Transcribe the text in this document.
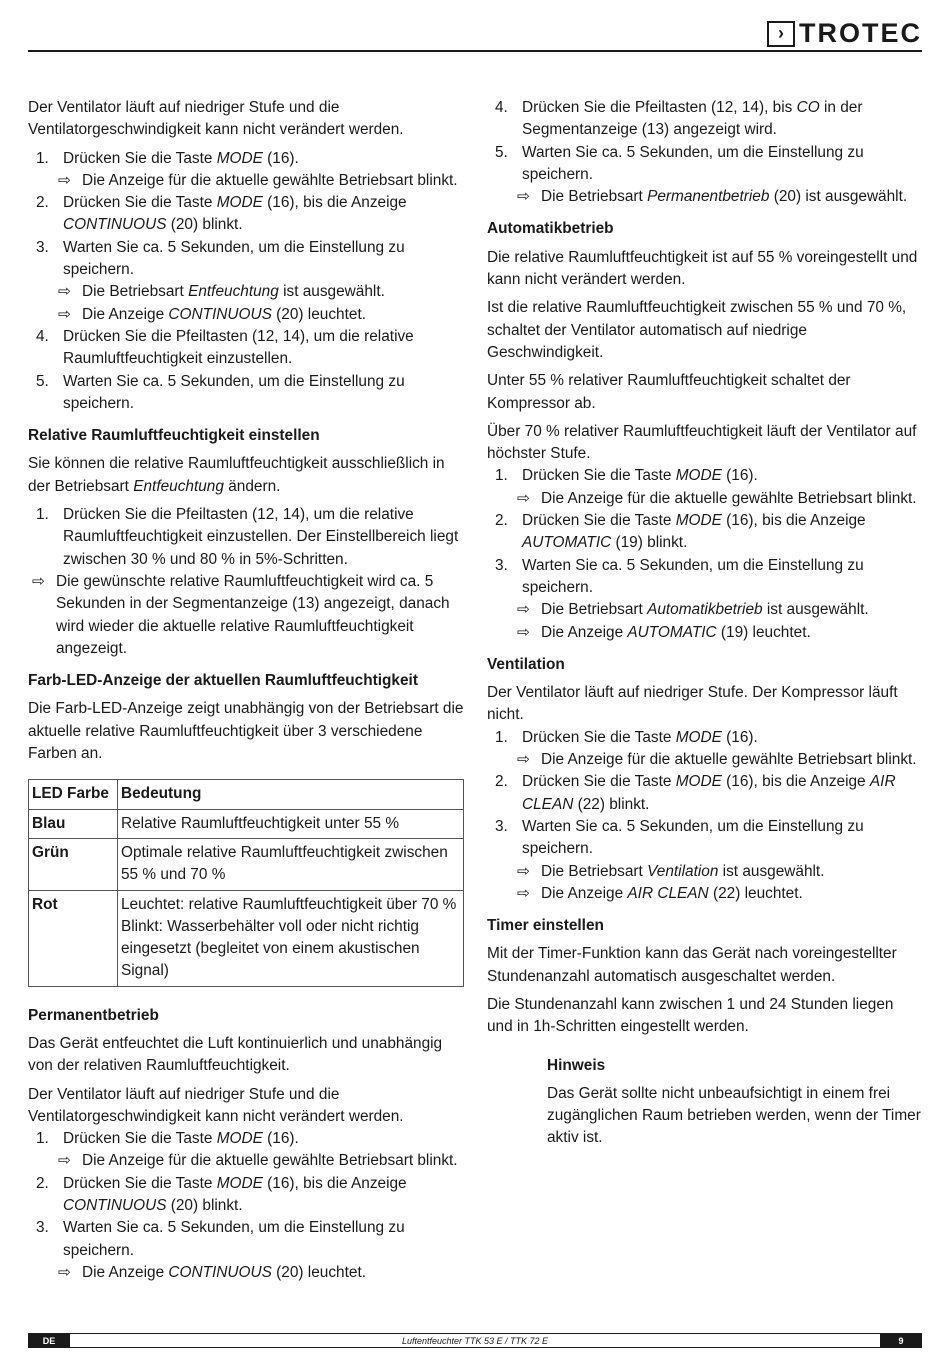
› TROTEC

Der Ventilator läuft auf niedriger Stufe und die Ventilatorgeschwindigkeit kann nicht verändert werden.

1. Drücken Sie die Taste MODE (16).
⇨ Die Anzeige für die aktuelle gewählte Betriebsart blinkt.
2. Drücken Sie die Taste MODE (16), bis die Anzeige CONTINUOUS (20) blinkt.
3. Warten Sie ca. 5 Sekunden, um die Einstellung zu speichern.
⇨ Die Betriebsart Entfeuchtung ist ausgewählt.
⇨ Die Anzeige CONTINUOUS (20) leuchtet.
4. Drücken Sie die Pfeiltasten (12, 14), um die relative Raumluftfeuchtigkeit einzustellen.
5. Warten Sie ca. 5 Sekunden, um die Einstellung zu speichern.
Relative Raumluftfeuchtigkeit einstellen

Sie können die relative Raumluftfeuchtigkeit ausschließlich in der Betriebsart Entfeuchtung ändern.

1. Drücken Sie die Pfeiltasten (12, 14), um die relative Raumluftfeuchtigkeit einzustellen. Der Einstellbereich liegt zwischen 30 % und 80 % in 5%-Schritten.
⇨ Die gewünschte relative Raumluftfeuchtigkeit wird ca. 5 Sekunden in der Segmentanzeige (13) angezeigt, danach wird wieder die aktuelle relative Raumluftfeuchtigkeit angezeigt.
Farb-LED-Anzeige der aktuellen Raumluftfeuchtigkeit

Die Farb-LED-Anzeige zeigt unabhängig von der Betriebsart die aktuelle relative Raumluftfeuchtigkeit über 3 verschiedene Farben an.

LED Farbe	Bedeutung
Blau	Relative Raumluftfeuchtigkeit unter 55 %
Grün	Optimale relative Raumluftfeuchtigkeit zwischen 55 % und 70 %
Rot	Leuchtet: relative Raumluftfeuchtigkeit über 70 %
Blinkt: Wasserbehälter voll oder nicht richtig eingesetzt (begleitet von einem akustischen Signal)
Permanentbetrieb

Das Gerät entfeuchtet die Luft kontinuierlich und unabhängig von der relativen Raumluftfeuchtigkeit.

Der Ventilator läuft auf niedriger Stufe und die Ventilatorgeschwindigkeit kann nicht verändert werden.

1. Drücken Sie die Taste MODE (16).
⇨ Die Anzeige für die aktuelle gewählte Betriebsart blinkt.
2. Drücken Sie die Taste MODE (16), bis die Anzeige CONTINUOUS (20) blinkt.
3. Warten Sie ca. 5 Sekunden, um die Einstellung zu speichern.
⇨ Die Anzeige CONTINUOUS (20) leuchtet.
4. Drücken Sie die Pfeiltasten (12, 14), bis CO in der Segmentanzeige (13) angezeigt wird.
5. Warten Sie ca. 5 Sekunden, um die Einstellung zu speichern.
⇨ Die Betriebsart Permanentbetrieb (20) ist ausgewählt.
Automatikbetrieb

Die relative Raumluftfeuchtigkeit ist auf 55 % voreingestellt und kann nicht verändert werden.

Ist die relative Raumluftfeuchtigkeit zwischen 55 % und 70 %, schaltet der Ventilator automatisch auf niedrige Geschwindigkeit.

Unter 55 % relativer Raumluftfeuchtigkeit schaltet der Kompressor ab.

Über 70 % relativer Raumluftfeuchtigkeit läuft der Ventilator auf höchster Stufe.

1. Drücken Sie die Taste MODE (16).
⇨ Die Anzeige für die aktuelle gewählte Betriebsart blinkt.
2. Drücken Sie die Taste MODE (16), bis die Anzeige AUTOMATIC (19) blinkt.
3. Warten Sie ca. 5 Sekunden, um die Einstellung zu speichern.
⇨ Die Betriebsart Automatikbetrieb ist ausgewählt.
⇨ Die Anzeige AUTOMATIC (19) leuchtet.
Ventilation

Der Ventilator läuft auf niedriger Stufe. Der Kompressor läuft nicht.

1. Drücken Sie die Taste MODE (16).
⇨ Die Anzeige für die aktuelle gewählte Betriebsart blinkt.
2. Drücken Sie die Taste MODE (16), bis die Anzeige AIR CLEAN (22) blinkt.
3. Warten Sie ca. 5 Sekunden, um die Einstellung zu speichern.
⇨ Die Betriebsart Ventilation ist ausgewählt.
⇨ Die Anzeige AIR CLEAN (22) leuchtet.
Timer einstellen

Mit der Timer-Funktion kann das Gerät nach voreingestellter Stundenanzahl automatisch ausgeschaltet werden.

Die Stundenanzahl kann zwischen 1 und 24 Stunden liegen und in 1h-Schritten eingestellt werden.

Hinweis

Das Gerät sollte nicht unbeaufsichtigt in einem frei zugänglichen Raum betrieben werden, wenn der Timer aktiv ist.

DE	Luftentfeuchter TTK 53 E / TTK 72 E	9
